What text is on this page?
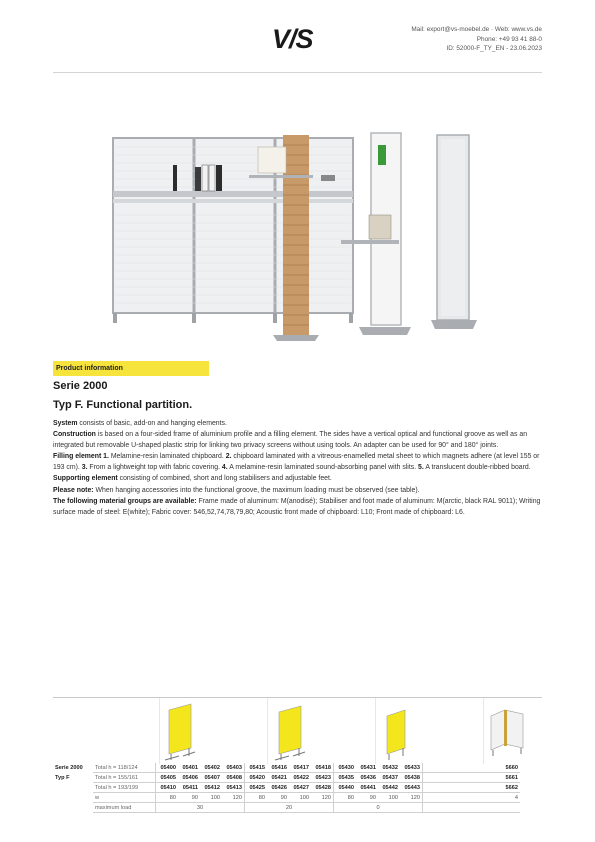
V/S	Mail: export@vs-moebel.de · Web: www.vs.de
Phone: +49 93 41 88-0
ID: 52000-F_TY_EN - 23.06.2023
Product information
Serie 2000
Typ F. Functional partition.

System consists of basic, add-on and hanging elements.

Construction is based on a four-sided frame of aluminium profile and a filling element. The sides have a vertical optical and functional groove as well as an integrated but removable U-shaped plastic strip for linking two privacy screens without using tools. An adapter can be used for 90° and 180° joints.

Filling element 1. Melamine-resin laminated chipboard. 2. chipboard laminated with a vitreous-enamelled metal sheet to which magnets adhere (at level 155 or 193 cm). 3. From a lightweight top with fabric covering. 4. A melamine-resin laminated sound-absorbing panel with slits. 5. A translucent double-ribbed board.

Supporting element consisting of combined, short and long stabilisers and adjustable feet.

Please note: When hanging accessories into the functional groove, the maximum loading must be observed (see table).

The following material groups are available: Frame made of aluminum: M(anodisé); Stabiliser and foot made of aluminum: M(arctic, black RAL 9011); Writing surface made of steel: E(white); Fabric cover: 546,52,74,78,79,80; Acoustic front made of chipboard: L10; Front made of chipboard: L6.

Serie 2000	Total h = 118/124	05400	05401	05402	05403	05415	05416	05417	05418	05430	05431	05432	05433	5660
Typ F	Total h = 155/161	05405	05406	05407	05408	05420	05421	05422	05423	05435	05436	05437	05438	5661
	Total h = 193/199	05410	05411	05412	05413	05425	05426	05427	05428	05440	05441	05442	05443	5662
	w	80	90	100	120	80	90	100	120	80	90	100	120	4
	maximum load	30				20				0				
